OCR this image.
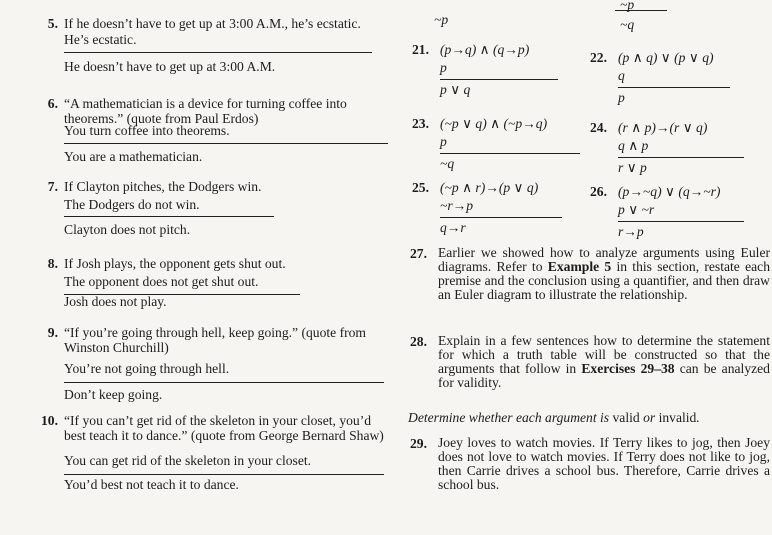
~p
~p
~q
5. If he doesn’t have to get up at 3:00 A.M., he’s ecstatic.
He’s ecstatic.
He doesn’t have to get up at 3:00 A.M.
6. “A mathematician is a device for turning coffee into theorems.” (quote from Paul Erdos)
You turn coffee into theorems.
You are a mathematician.
7. If Clayton pitches, the Dodgers win.
The Dodgers do not win.
Clayton does not pitch.
8. If Josh plays, the opponent gets shut out.
The opponent does not get shut out.
Josh does not play.
9. “If you’re going through hell, keep going.” (quote from Winston Churchill)
You’re not going through hell.
Don’t keep going.
10. “If you can’t get rid of the skeleton in your closet, you’d best teach it to dance.” (quote from George Bernard Shaw)
You can get rid of the skeleton in your closet.
You’d best not teach it to dance.
21. (p→q) ∧ (q→p)
p
p ∨ q
22. (p ∧ q) ∨ (p ∨ q)
q
p
23. (~p ∨ q) ∧ (~p→q)
p
~q
24. (r ∧ p)→(r ∨ q)
q ∧ p
r ∨ p
25. (~p ∧ r)→(p ∨ q)
~r→p
q→r
26. (p→~q) ∨ (q→~r)
p ∨ ~r
r→p
27. Earlier we showed how to analyze arguments using Euler diagrams. Refer to Example 5 in this section, restate each premise and the conclusion using a quantifier, and then draw an Euler diagram to illustrate the relationship.
28. Explain in a few sentences how to determine the statement for which a truth table will be constructed so that the arguments that follow in Exercises 29–38 can be analyzed for validity.
Determine whether each argument is valid or invalid.
29. Joey loves to watch movies. If Terry likes to jog, then Joey does not love to watch movies. If Terry does not like to jog, then Carrie drives a school bus. Therefore, Carrie drives a school bus.
